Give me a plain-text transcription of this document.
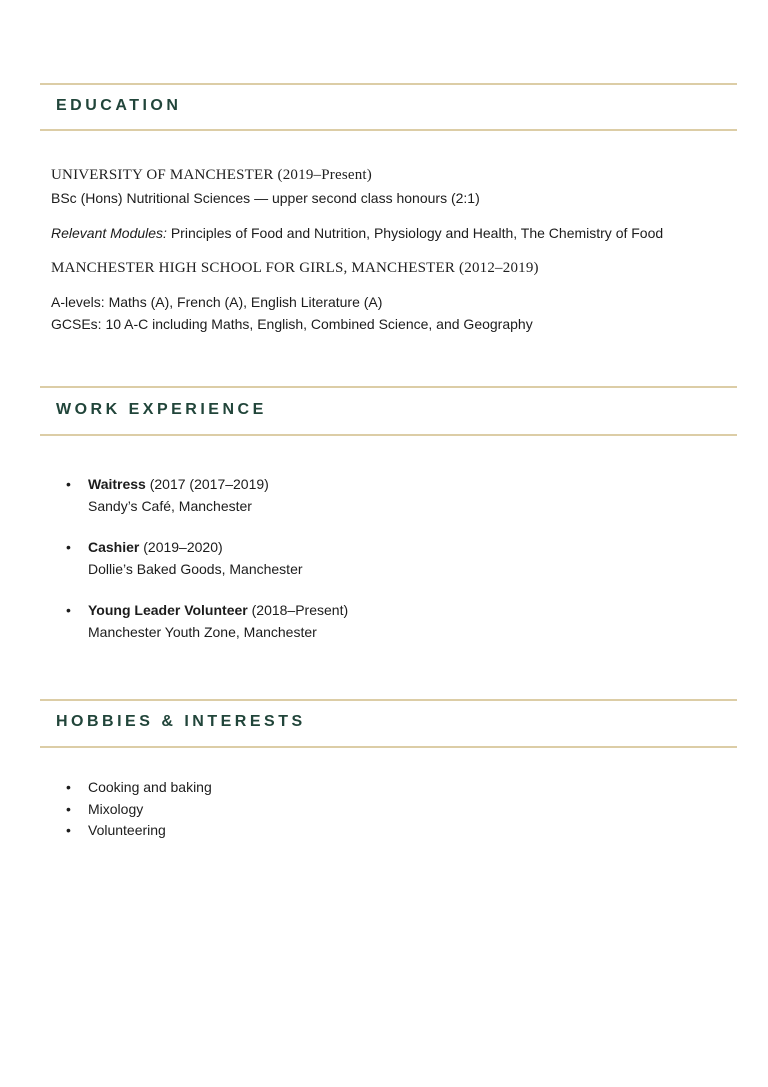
EDUCATION
UNIVERSITY OF MANCHESTER (2019–Present)
BSc (Hons) Nutritional Sciences — upper second class honours (2:1)
Relevant Modules: Principles of Food and Nutrition, Physiology and Health, The Chemistry of Food
MANCHESTER HIGH SCHOOL FOR GIRLS, MANCHESTER (2012–2019)
A-levels: Maths (A), French (A), English Literature (A)
GCSEs: 10 A-C including Maths, English, Combined Science, and Geography
WORK EXPERIENCE
• Waitress (2017 (2017–2019)
Sandy’s Café, Manchester
• Cashier (2019–2020)
Dollie’s Baked Goods, Manchester
• Young Leader Volunteer (2018–Present)
Manchester Youth Zone, Manchester
HOBBIES & INTERESTS
• Cooking and baking
• Mixology
• Volunteering
